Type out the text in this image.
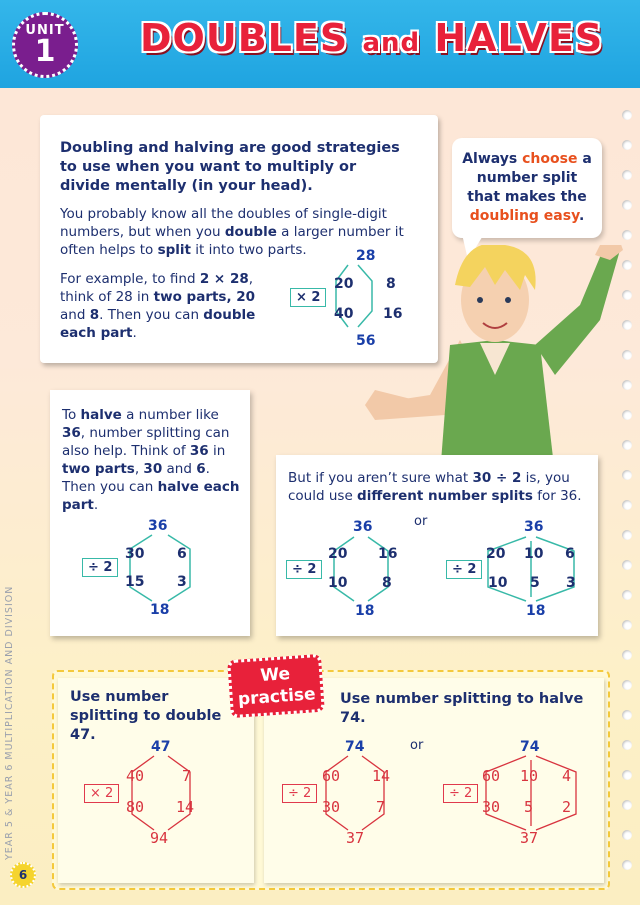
UNIT
1	DOUBLES and HALVES
Doubling and halving are good strategies to use when you want to multiply or divide mentally (in your head).
You probably know all the doubles of single-digit numbers, but when you double a larger number it often helps to split it into two parts.
For example, to find 2 × 28, think of 28 in two parts, 20 and 8. Then you can double each part.
28
20 8
40 16
56
× 2
Always choose a number split that makes the doubling easy.
To halve a number like 36, number splitting can also help. Think of 36 in two parts, 30 and 6. Then you can halve each part.
36
30 6
15 3
18
÷ 2
But if you aren’t sure what 30 ÷ 2 is, you could use different number splits for 36.
or
36
20 16
10 8
18
÷ 2
36
20 10 6
10 5 3
18
÷ 2
We
practise
Use number splitting to double 47.
Use number splitting to halve 74.
47
40	7
80 14
94
× 2
or
74
60 14
30 7
37
÷ 2
74
60 10 4
30 5 2
37
÷ 2
YEAR 5 & YEAR 6 MULTIPLICATION AND DIVISION
6
